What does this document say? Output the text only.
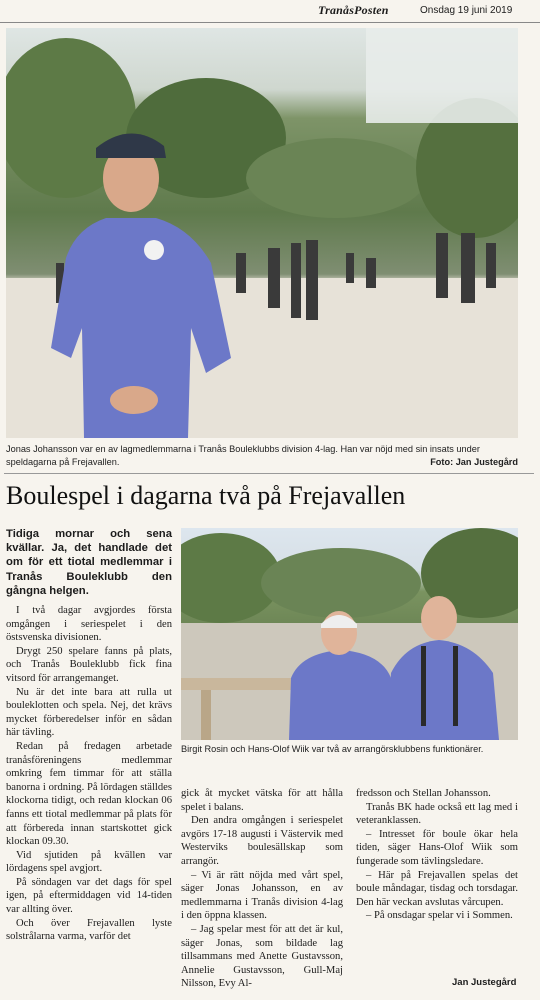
TranåsPosten	Onsdag 19 juni 2019
Jonas Johansson var en av lagmedlemmarna i Tranås Bouleklubbs division 4-lag. Han var nöjd med sin insats under speldagarna på Frejavallen.	Foto: Jan Justegård
Boulespel i dagarna två på Frejavallen

Tidiga mornar och sena kvällar. Ja, det handlade det om för ett tiotal medlemmar i Tranås Bouleklubb den gångna helgen.

I två dagar avgjordes första omgången i seriespelet i den östsvenska divisionen.

Drygt 250 spelare fanns på plats, och Tranås Bouleklubb fick fina vitsord för arrangemanget.

Nu är det inte bara att rulla ut bouleklotten och spela. Nej, det krävs mycket förberedelser inför en sådan här tävling.

Redan på fredagen arbetade tranåsföreningens medlemmar omkring fem timmar för att ställa banorna i ordning. På lördagen ställdes klockorna tidigt, och redan klockan 06 fanns ett tiotal medlemmar på plats för att förbereda innan startskottet gick klockan 09.30.

Vid sjutiden på kvällen var lördagens spel avgjort.

På söndagen var det dags för spel igen, på eftermiddagen vid 14-tiden var allting över.

Och över Frejavallen lyste solstrålarna varma, varför det

Birgit Rosin och Hans-Olof Wiik var två av arrangörsklubbens funktionärer.

gick åt mycket vätska för att hålla spelet i balans.

Den andra omgången i seriespelet avgörs 17-18 augusti i Västervik med Westerviks boulesällskap som arrangör.

– Vi är rätt nöjda med vårt spel, säger Jonas Johansson, en av medlemmarna i Tranås division 4-lag i den öppna klassen.

– Jag spelar mest för att det är kul, säger Jonas, som bildade lag tillsammans med Anette Gustavsson, Annelie Gustavsson, Gull-Maj Nilsson, Evy Al-

fredsson och Stellan Johansson.

Tranås BK hade också ett lag med i veteranklassen.

– Intresset för boule ökar hela tiden, säger Hans-Olof Wiik som fungerade som tävlingsledare.

– Här på Frejavallen spelas det boule måndagar, tisdag och torsdagar. Den här veckan avslutas vårcupen.

– På onsdagar spelar vi i Sommen.

Jan Justegård
